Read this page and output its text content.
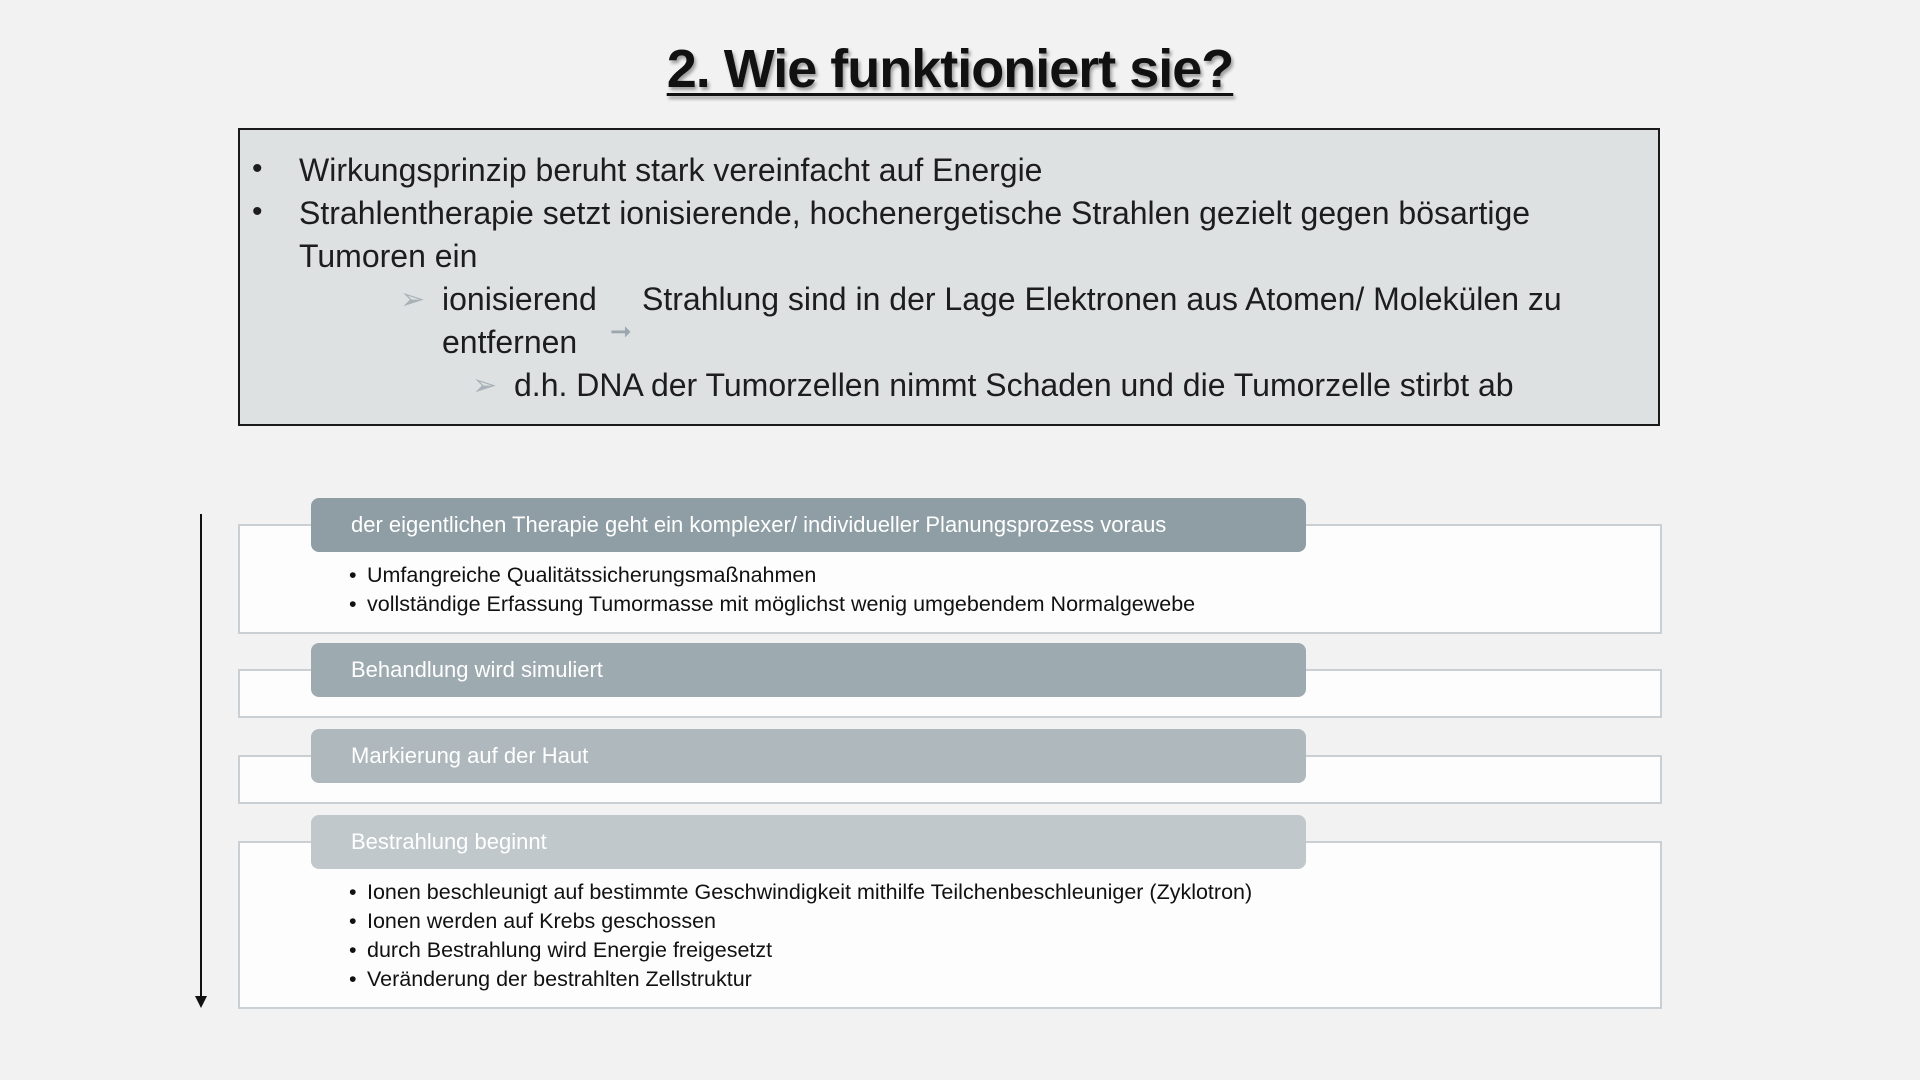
2. Wie funktioniert sie?
• Wirkungsprinzip beruht stark vereinfacht auf Energie
• Strahlentherapie setzt ionisierende, hochenergetische Strahlen gezielt gegen bösartige
Tumoren ein
➢ ionisierend Strahlung sind in der Lage Elektronen aus Atomen/ Molekülen zu
entfernen ➞
➢ d.h. DNA der Tumorzellen nimmt Schaden und die Tumorzelle stirbt ab
der eigentlichen Therapie geht ein komplexer/ individueller Planungsprozess voraus
• Umfangreiche Qualitätssicherungsmaßnahmen
• vollständige Erfassung Tumormasse mit möglichst wenig umgebendem Normalgewebe
Behandlung wird simuliert
Markierung auf der Haut
Bestrahlung beginnt
• Ionen beschleunigt auf bestimmte Geschwindigkeit mithilfe Teilchenbeschleuniger (Zyklotron)
• Ionen werden auf Krebs geschossen
• durch Bestrahlung wird Energie freigesetzt
• Veränderung der bestrahlten Zellstruktur
